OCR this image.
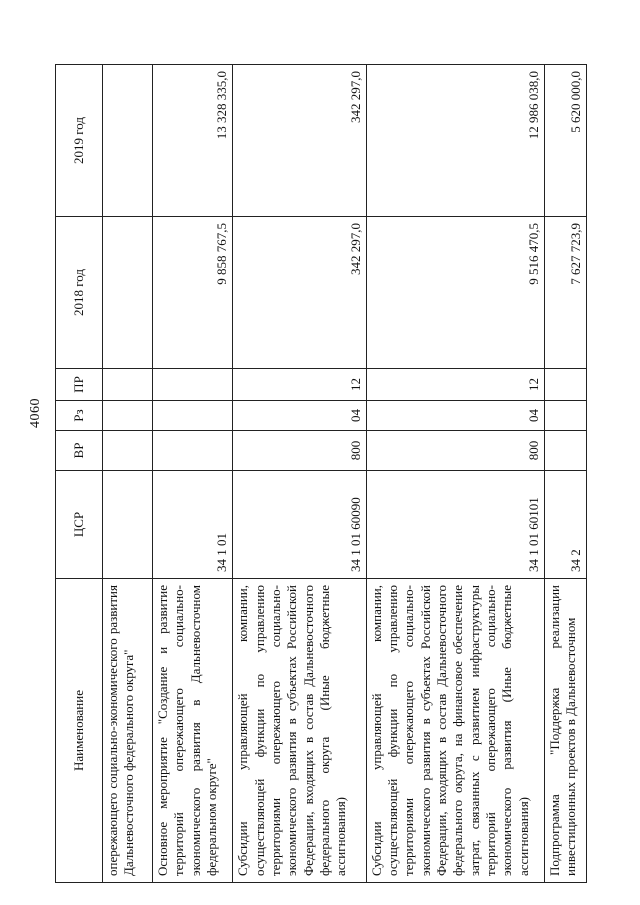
4060
Наименование	ЦСР	ВР	Рз	ПР	2018 год	2019 год
опережающего социально-экономического развития Дальневосточного федерального округа"						
Основное мероприятие "Создание и развитие территорий опережающего социально-экономического развития в Дальневосточном федеральном округе"	34 1 01				9 858 767,5	13 328 335,0
Субсидии управляющей компании, осуществляющей функции по управлению территориями опережающего социально-экономического развития в субъектах Российской Федерации, входящих в состав Дальневосточного федерального округа (Иные бюджетные ассигнования)	34 1 01 60090	800	04	12	342 297,0	342 297,0
Субсидии управляющей компании, осуществляющей функции по управлению территориями опережающего социально-экономического развития в субъектах Российской Федерации, входящих в состав Дальневосточного федерального округа, на финансовое обеспечение затрат, связанных с развитием инфраструктуры территорий опережающего социально-экономического развития (Иные бюджетные ассигнования)	34 1 01 60101	800	04	12	9 516 470,5	12 986 038,0
Подпрограмма "Поддержка реализации инвестиционных проектов в Дальневосточном	34 2				7 627 723,9	5 620 000,0
